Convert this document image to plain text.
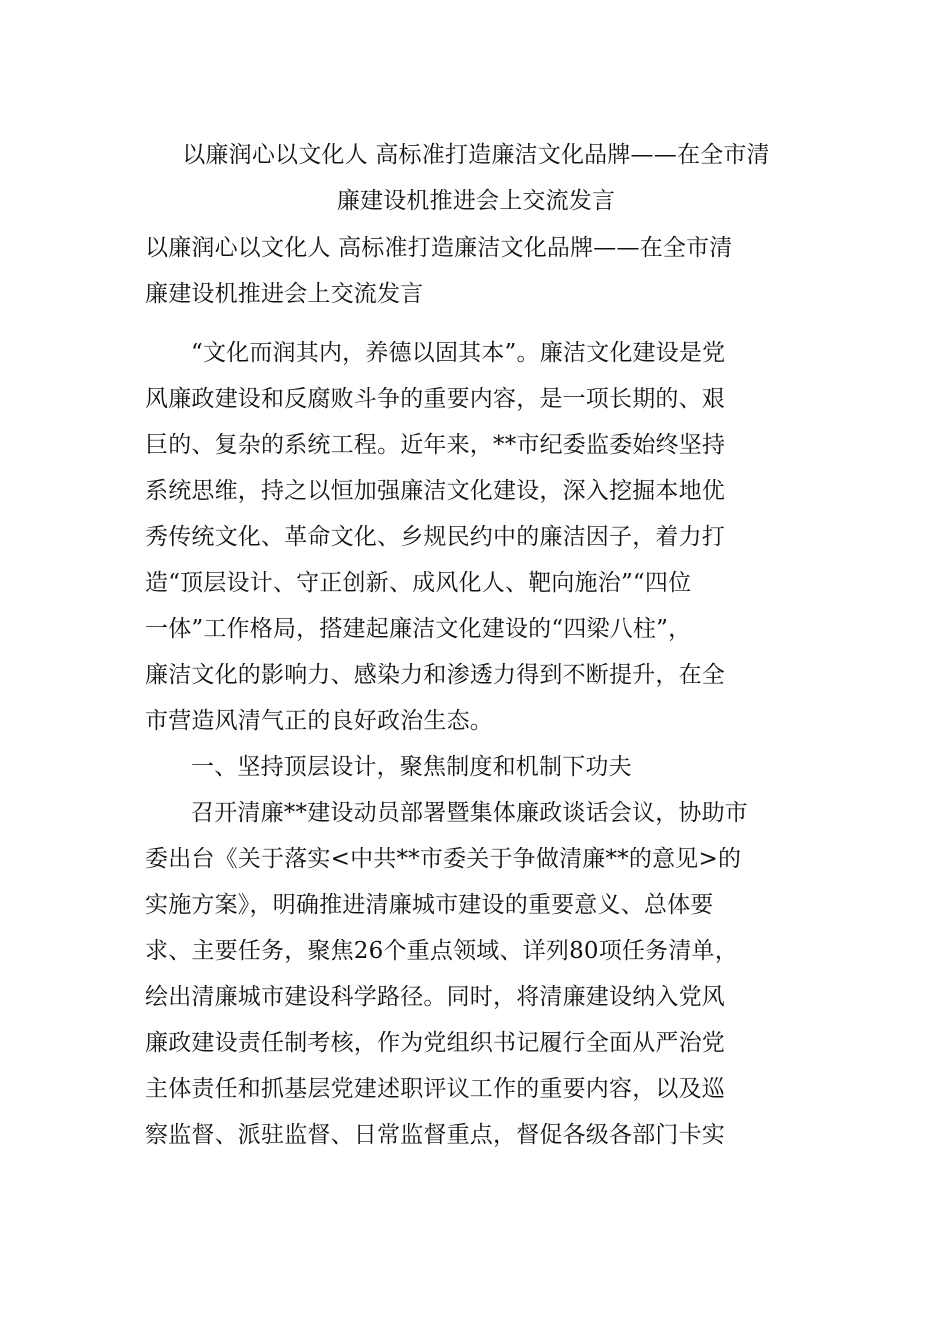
以廉润心以文化人 高标准打造廉洁文化品牌——在全市清
廉建设机推进会上交流发言
以廉润心以文化人 高标准打造廉洁文化品牌——在全市清
廉建设机推进会上交流发言
“文化而润其内，养德以固其本”。廉洁文化建设是党
风廉政建设和反腐败斗争的重要内容，是一项长期的、艰
巨的、复杂的系统工程。近年来，**市纪委监委始终坚持
系统思维，持之以恒加强廉洁文化建设，深入挖掘本地优
秀传统文化、革命文化、乡规民约中的廉洁因子，着力打
造“顶层设计、守正创新、成风化人、靶向施治”“四位
一体”工作格局，搭建起廉洁文化建设的“四梁八柱”，
廉洁文化的影响力、感染力和渗透力得到不断提升，在全
市营造风清气正的良好政治生态。
一、坚持顶层设计，聚焦制度和机制下功夫
召开清廉**建设动员部署暨集体廉政谈话会议，协助市
委出台《关于落实<中共**市委关于争做清廉**的意见>的
实施方案》，明确推进清廉城市建设的重要意义、总体要
求、主要任务，聚焦26个重点领域、详列80项任务清单，
绘出清廉城市建设科学路径。同时，将清廉建设纳入党风
廉政建设责任制考核，作为党组织书记履行全面从严治党
主体责任和抓基层党建述职评议工作的重要内容，以及巡
察监督、派驻监督、日常监督重点，督促各级各部门卡实
